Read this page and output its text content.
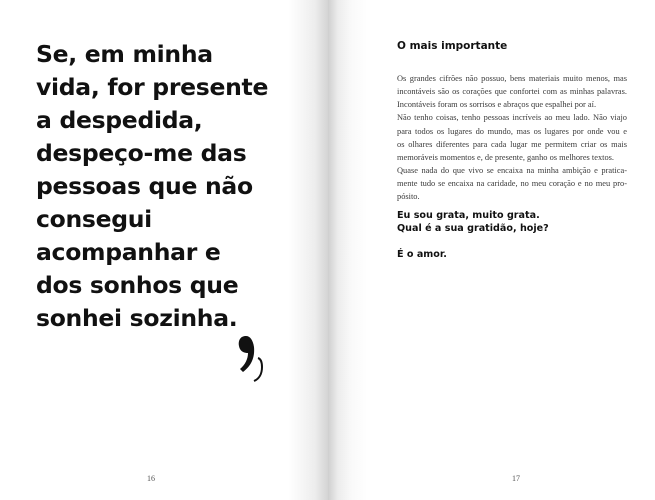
Se, em minha
vida, for presente
a despedida,
despeço-me das
pessoas que não
consegui
acompanhar e
dos sonhos que
sonhei sozinha.

16
O mais importante
Os grandes cifrões não possuo, bens materiais muito menos, mas
incontáveis são os corações que confortei com as minhas palavras.
Incontáveis foram os sorrisos e abraços que espalhei por aí.
Não tenho coisas, tenho pessoas incríveis ao meu lado. Não viajo
para todos os lugares do mundo, mas os lugares por onde vou e
os olhares diferentes para cada lugar me permitem criar os mais
memoráveis momentos e, de presente, ganho os melhores textos.
Quase nada do que vivo se encaixa na minha ambição e pratica-
mente tudo se encaixa na caridade, no meu coração e no meu pro-
pósito.

Eu sou grata, muito grata.

Qual é a sua gratidão, hoje?

É o amor.

17
